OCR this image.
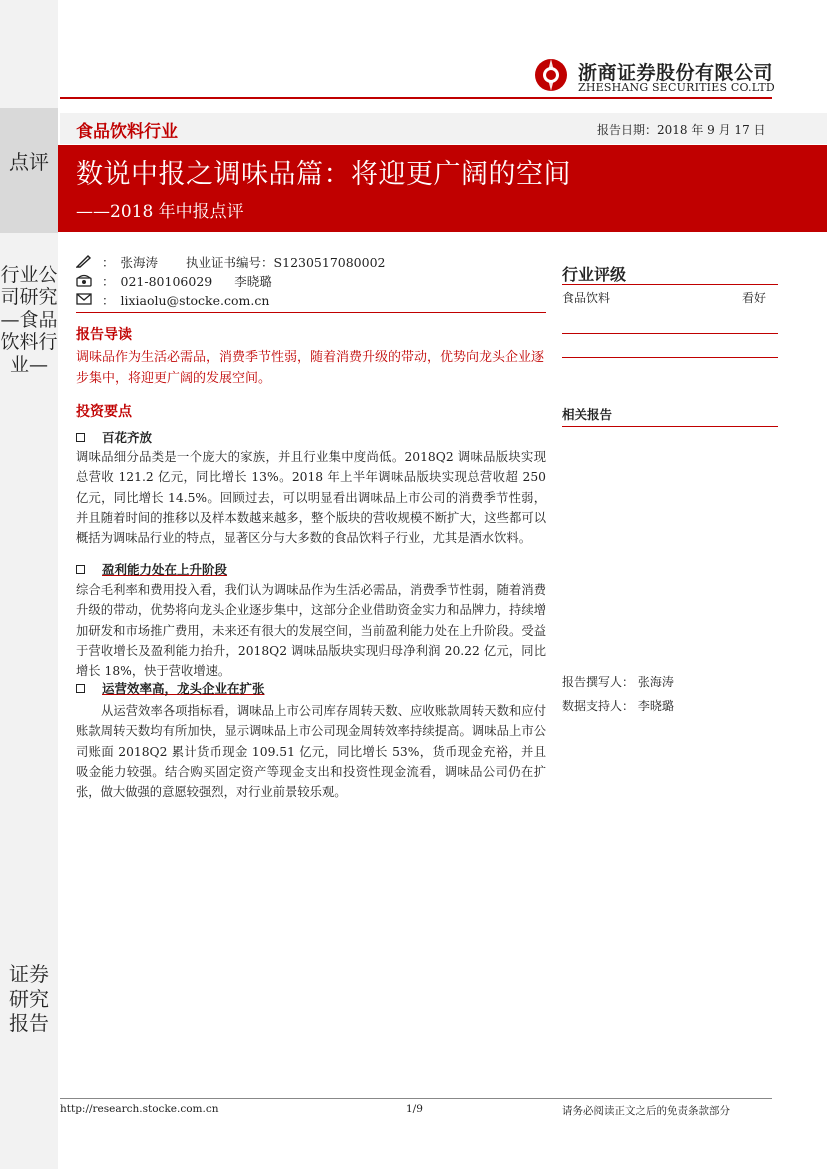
点评
行业公司研究—食品饮料行业—
证券研究报告
浙商证券股份有限公司
ZHESHANG SECURITIES CO.LTD
食品饮料行业	报告日期：2018 年 9 月 17 日
数说中报之调味品篇：将迎更广阔的空间
——2018 年中报点评
： 张海涛 执业证书编号： S1230517080002
： 021-80106029 李晓璐
： lixiaolu@stocke.com.cn
报告导读
调味品作为生活必需品，消费季节性弱，随着消费升级的带动，优势向龙头企业逐步集中，将迎更广阔的发展空间。
投资要点
百花齐放
调味品细分品类是一个庞大的家族，并且行业集中度尚低。2018Q2 调味品版块实现总营收 121.2 亿元，同比增长 13%。2018 年上半年调味品版块实现总营收超 250 亿元，同比增长 14.5%。回顾过去，可以明显看出调味品上市公司的消费季节性弱，并且随着时间的推移以及样本数越来越多，整个版块的营收规模不断扩大，这些都可以概括为调味品行业的特点，显著区分与大多数的食品饮料子行业，尤其是酒水饮料。
盈利能力处在上升阶段
综合毛利率和费用投入看，我们认为调味品作为生活必需品，消费季节性弱，随着消费升级的带动，优势将向龙头企业逐步集中，这部分企业借助资金实力和品牌力，持续增加研发和市场推广费用，未来还有很大的发展空间，当前盈利能力处在上升阶段。受益于营收增长及盈利能力抬升，2018Q2 调味品版块实现归母净利润 20.22 亿元，同比增长 18%，快于营收增速。
运营效率高，龙头企业在扩张
从运营效率各项指标看，调味品上市公司库存周转天数、应收账款周转天数和应付账款周转天数均有所加快，显示调味品上市公司现金周转效率持续提高。调味品上市公司账面 2018Q2 累计货币现金 109.51 亿元，同比增长 53%，货币现金充裕，并且吸金能力较强。结合购买固定资产等现金支出和投资性现金流看，调味品公司仍在扩张，做大做强的意愿较强烈，对行业前景较乐观。
行业评级
食品饮料	看好
相关报告
报告撰写人： 张海涛
数据支持人： 李晓璐
http://research.stocke.com.cn	1/9	请务必阅读正文之后的免责条款部分
